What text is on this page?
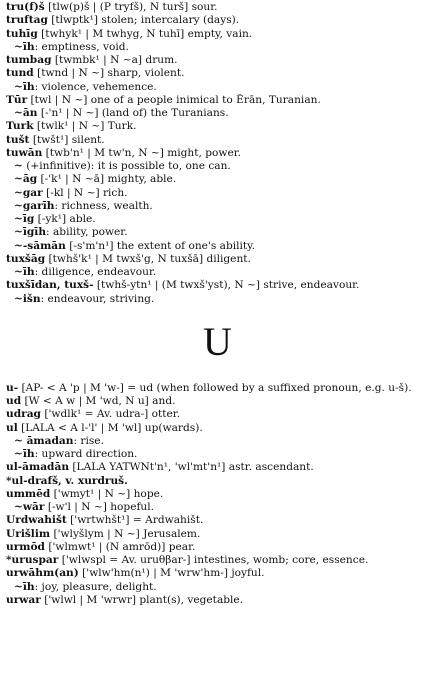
tru(f)š [tlw(p)š | (P tryfš), N turš] sour.
truftag [tlwptk¹] stolen; intercalary (days).
tuhīg [twhyk¹ | M twhyg, N tuhī] empty, vain.
~īh: emptiness, void.
tumbag [twmbk¹ | N ~a] drum.
tund [twnd | N ~] sharp, violent.
~īh: violence, vehemence.
Tūr [twl | N ~] one of a people inimical to Ērān, Turanian.
~ān [-'n¹ | N ~] (land of) the Turanians.
Turk [twlk¹ | N ~] Turk.
tušt [twšt¹] silent.
tuwān [twb'n¹ | M tw'n, N ~] might, power.
~ (+infinitive): it is possible to, one can.
~āg [-'k¹ | N ~ā] mighty, able.
~gar [-kl | N ~] rich.
~garīh: richness, wealth.
~īg [-yk¹] able.
~īgīh: ability, power.
~-sāmān [-s'm'n¹] the extent of one's ability.
tuxšāg [twhš'k¹ | M twxš'g, N tuxšā] diligent.
~īh: diligence, endeavour.
tuxšīdan, tuxš- [twhš-ytn¹ | (M twxš'yst), N ~] strive, endeavour.
~išn: endeavour, striving.
U
u- [AP- < A 'p | M 'w-] = ud (when followed by a suffixed pronoun, e.g. u-š).
ud [W < A w | M 'wd, N u] and.
udrag ['wdlk¹ = Av. udra-] otter.
ul [LALA < A l-'l' | M 'wl] up(wards).
~ āmadan: rise.
~īh: upward direction.
ul-āmadān [LALA YATWNt'n¹, 'wl'mt'n¹] astr. ascendant.
*ul-drafš, v. xurdruš.
ummēd ['wmyt¹ | N ~] hope.
~wār [-w'l | N ~] hopeful.
Urdwahišt ['wrtwhšt¹] = Ardwahišt.
Urišlim ['wlyšlym | N ~] Jerusalem.
urmōd ['wlmwt¹ | (N amrōd)] pear.
*uruspar ['wlwspl = Av. uruθβar-] intestines, womb; core, essence.
urwāhm(an) ['wlw'hm(n¹) | M 'wrw'hm-] joyful.
~īh: joy, pleasure, delight.
urwar ['wlwl | M 'wrwr] plant(s), vegetable.
